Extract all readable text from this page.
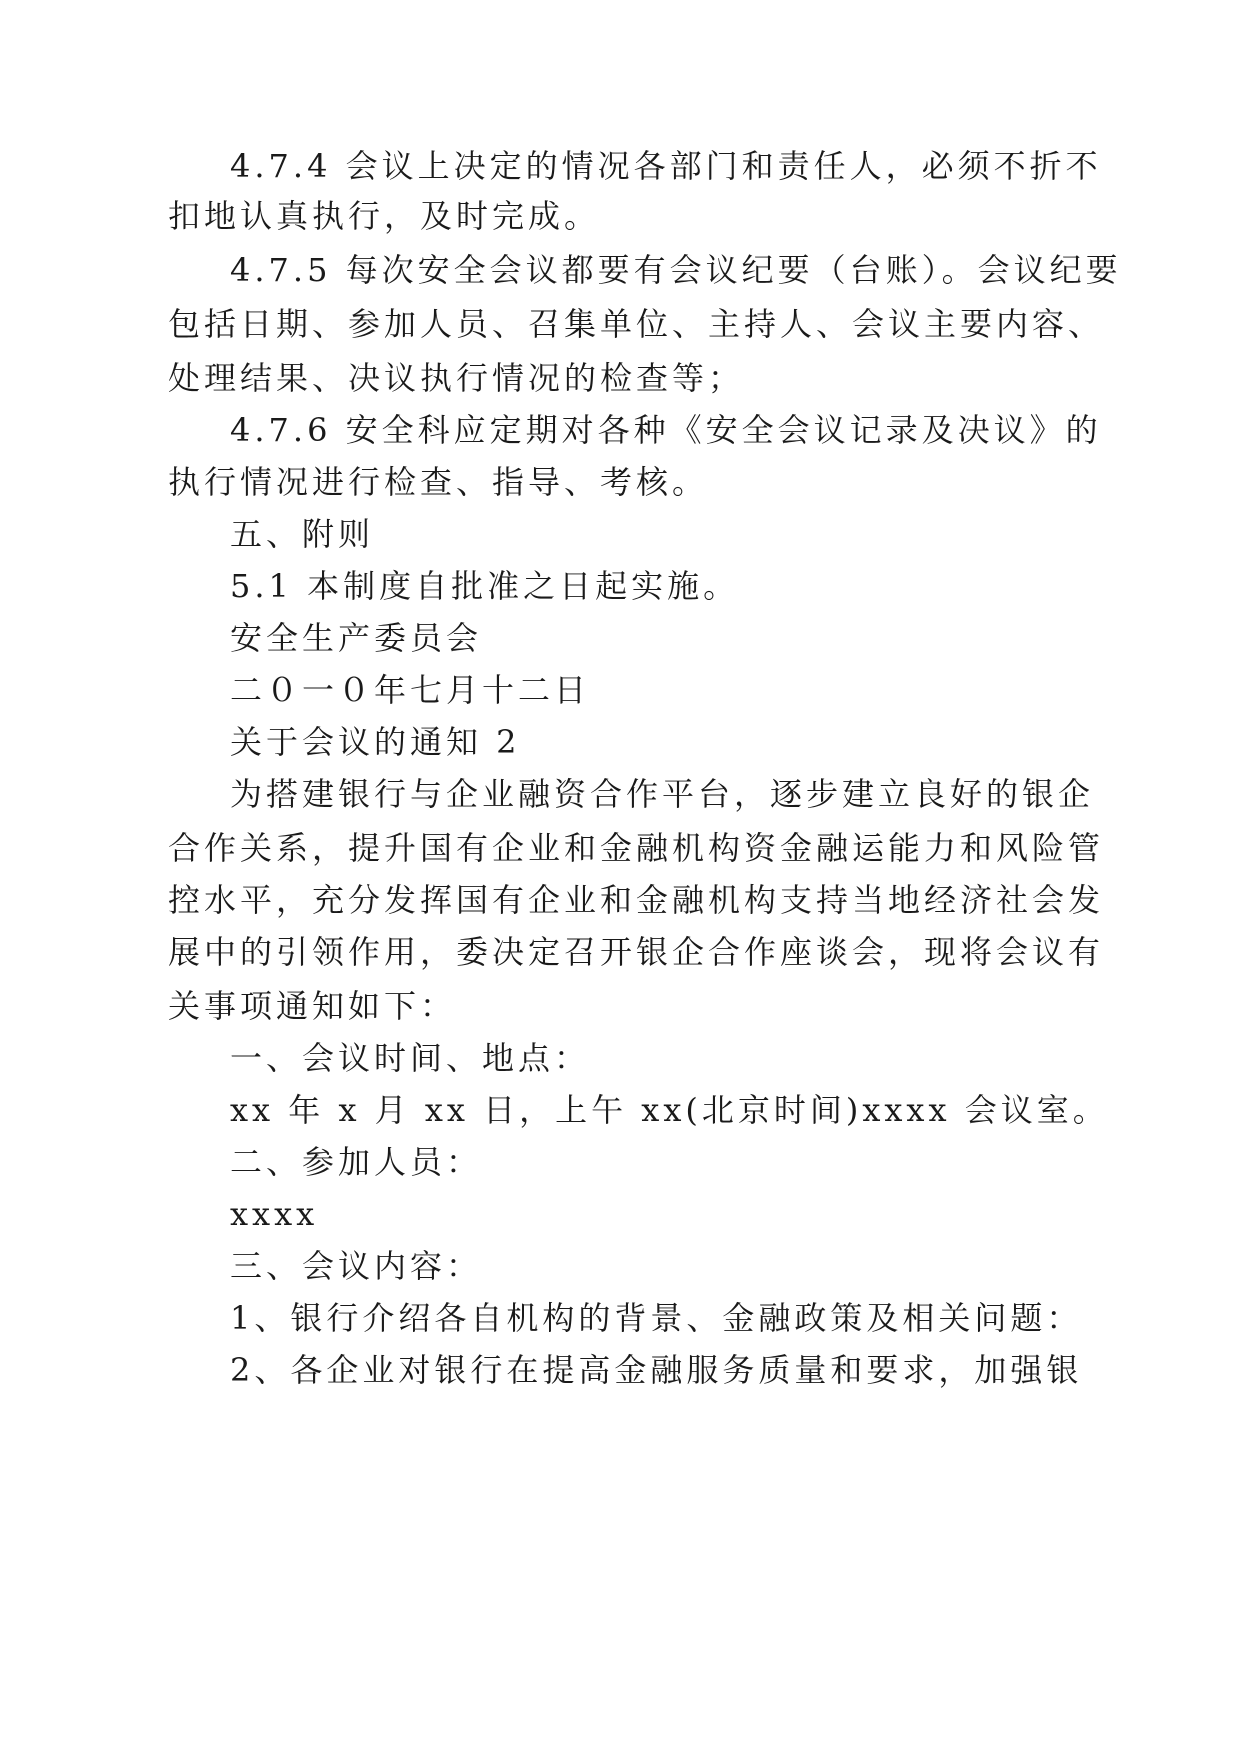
4.7.4 会议上决定的情况各部门和责任人，必须不折不
扣地认真执行，及时完成。
4.7.5 每次安全会议都要有会议纪要（台账）。会议纪要
包括日期、参加人员、召集单位、主持人、会议主要内容、
处理结果、决议执行情况的检查等；
4.7.6 安全科应定期对各种《安全会议记录及决议》的
执行情况进行检查、指导、考核。
五、附则
5.1 本制度自批准之日起实施。
安全生产委员会
二０一０年七月十二日
关于会议的通知 2
为搭建银行与企业融资合作平台，逐步建立良好的银企
合作关系，提升国有企业和金融机构资金融运能力和风险管
控水平，充分发挥国有企业和金融机构支持当地经济社会发
展中的引领作用，委决定召开银企合作座谈会，现将会议有
关事项通知如下：
一、会议时间、地点：
xx 年 x 月 xx 日，上午 xx(北京时间)xxxx 会议室。
二、参加人员：
xxxx
三、会议内容：
1、银行介绍各自机构的背景、金融政策及相关问题：
2、各企业对银行在提高金融服务质量和要求，加强银
